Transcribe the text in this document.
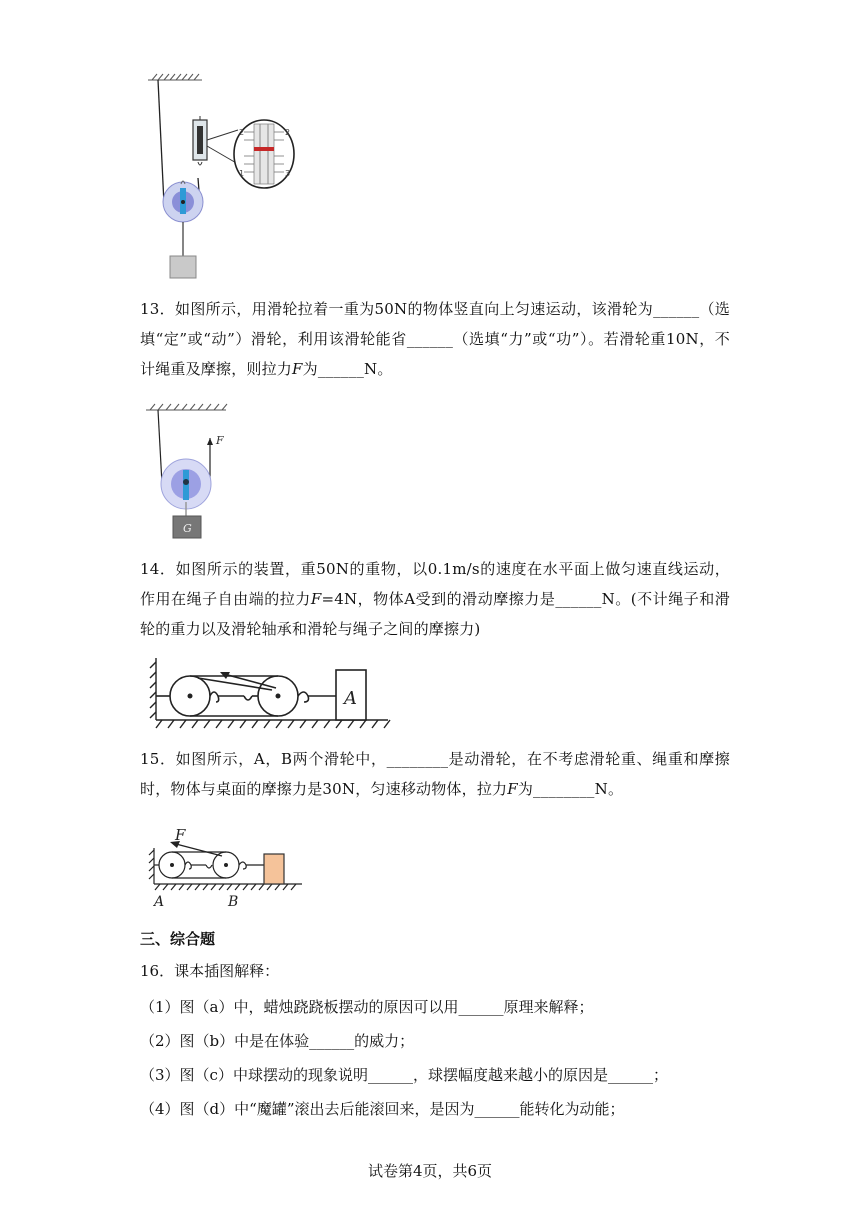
2	2
1	3
13．如图所示，用滑轮拉着一重为50N的物体竖直向上匀速运动，该滑轮为______（选填“定”或“动”）滑轮，利用该滑轮能省______（选填“力”或“功”）。若滑轮重10N，不计绳重及摩擦，则拉力F为______N。
F
G
14．如图所示的装置，重50N的重物，以0.1m/s的速度在水平面上做匀速直线运动，作用在绳子自由端的拉力F=4N，物体A受到的滑动摩擦力是______N。(不计绳子和滑轮的重力以及滑轮轴承和滑轮与绳子之间的摩擦力)
A
15．如图所示，A，B两个滑轮中，________是动滑轮，在不考虑滑轮重、绳重和摩擦时，物体与桌面的摩擦力是30N，匀速移动物体，拉力F为________N。
F
A	B
三、综合题
16．课本插图解释：
（1）图（a）中，蜡烛跷跷板摆动的原因可以用______原理来解释；
（2）图（b）中是在体验______的威力；
（3）图（c）中球摆动的现象说明______，球摆幅度越来越小的原因是______；
（4）图（d）中“魔罐”滚出去后能滚回来，是因为______能转化为动能；
试卷第4页，共6页
